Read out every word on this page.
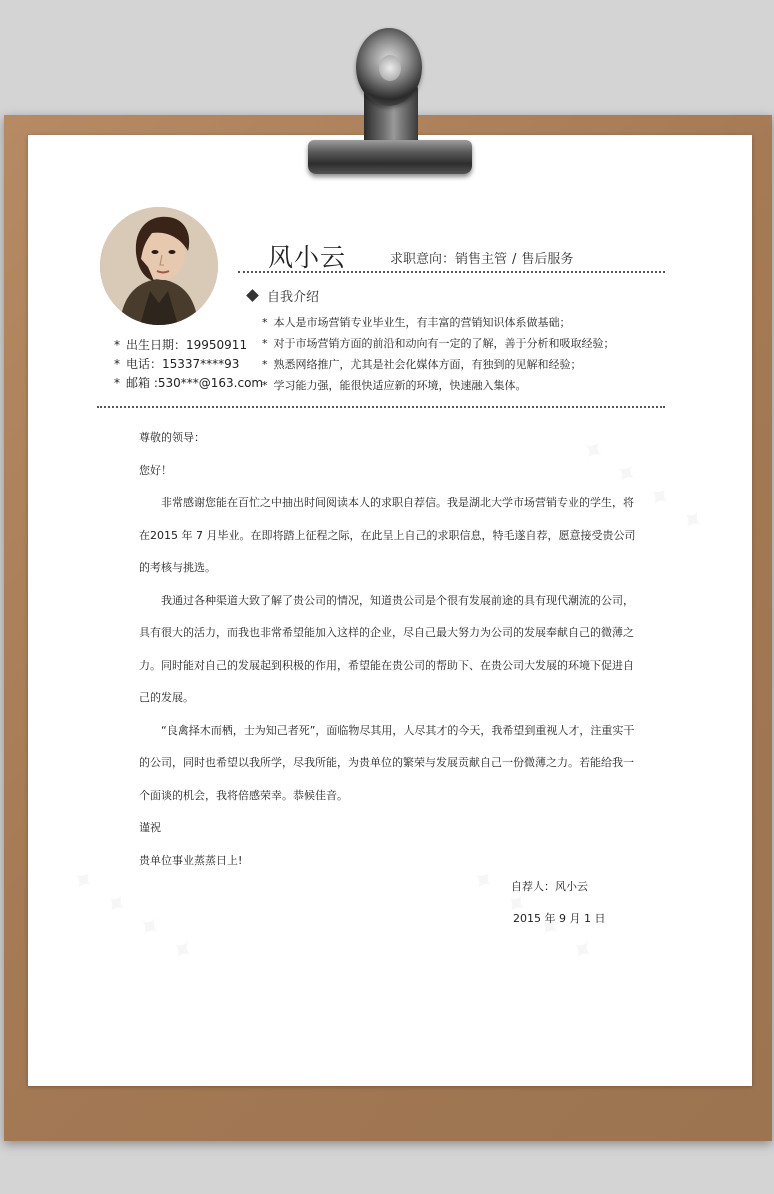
风小云	求职意向：销售主管 / 售后服务
自我介绍
* 本人是市场营销专业毕业生，有丰富的营销知识体系做基础；
* 对于市场营销方面的前沿和动向有一定的了解，善于分析和吸取经验；
* 熟悉网络推广，尤其是社会化媒体方面，有独到的见解和经验；
* 学习能力强，能很快适应新的环境，快速融入集体。
* 出生日期：19950911
* 电话：15337****93
* 邮箱 :530***@163.com

尊敬的领导：

您好！

非常感谢您能在百忙之中抽出时间阅读本人的求职自荐信。我是湖北大学市场营销专业的学生，将在2015 年 7 月毕业。在即将踏上征程之际，在此呈上自己的求职信息，特毛遂自荐，愿意接受贵公司的考核与挑选。

我通过各种渠道大致了解了贵公司的情况，知道贵公司是个很有发展前途的具有现代潮流的公司，具有很大的活力，而我也非常希望能加入这样的企业，尽自己最大努力为公司的发展奉献自己的微薄之力。同时能对自己的发展起到积极的作用，希望能在贵公司的帮助下、在贵公司大发展的环境下促进自己的发展。

“良禽择木而栖，士为知己者死”，面临物尽其用，人尽其才的今天，我希望到重视人才，注重实干的公司，同时也希望以我所学，尽我所能，为贵单位的繁荣与发展贡献自己一份微薄之力。若能给我一个面谈的机会，我将倍感荣幸。恭候佳音。

谨祝

贵单位事业蒸蒸日上!

自荐人：风小云
2015 年 9 月 1 日
